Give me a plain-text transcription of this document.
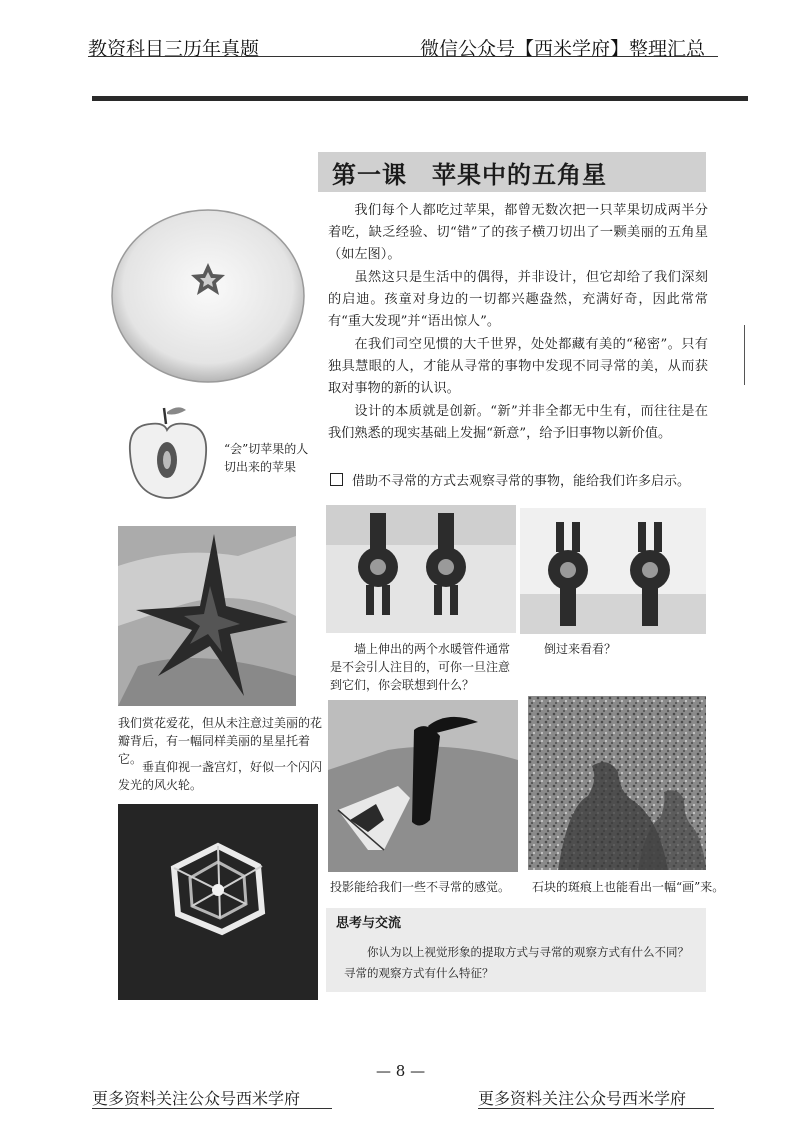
教资科目三历年真题	微信公众号【西米学府】整理汇总
第一课　苹果中的五角星

我们每个人都吃过苹果，都曾无数次把一只苹果切成两半分着吃，缺乏经验、切“错”了的孩子横刀切出了一颗美丽的五角星（如左图）。

虽然这只是生活中的偶得，并非设计，但它却给了我们深刻的启迪。孩童对身边的一切都兴趣盎然，充满好奇，因此常常有“重大发现”并“语出惊人”。

在我们司空见惯的大千世界，处处都藏有美的“秘密”。只有独具慧眼的人，才能从寻常的事物中发现不同寻常的美，从而获取对事物的新的认识。

设计的本质就是创新。“新”并非全都无中生有，而往往是在我们熟悉的现实基础上发掘“新意”，给予旧事物以新价值。

借助不寻常的方式去观察寻常的事物，能给我们许多启示。
“会”切苹果的人切出来的苹果
我们赏花爱花，但从未注意过美丽的花瓣背后，有一幅同样美丽的星星托着它。
垂直仰视一盏宫灯，好似一个闪闪发光的风火轮。
墙上伸出的两个水暖管件通常是不会引人注目的，可你一旦注意到它们，你会联想到什么？
倒过来看看？
投影能给我们一些不寻常的感觉。	石块的斑痕上也能看出一幅“画”来。
思考与交流
你认为以上视觉形象的提取方式与寻常的观察方式有什么不同？寻常的观察方式有什么特征？
— 8 —
更多资料关注公众号西米学府	更多资料关注公众号西米学府
